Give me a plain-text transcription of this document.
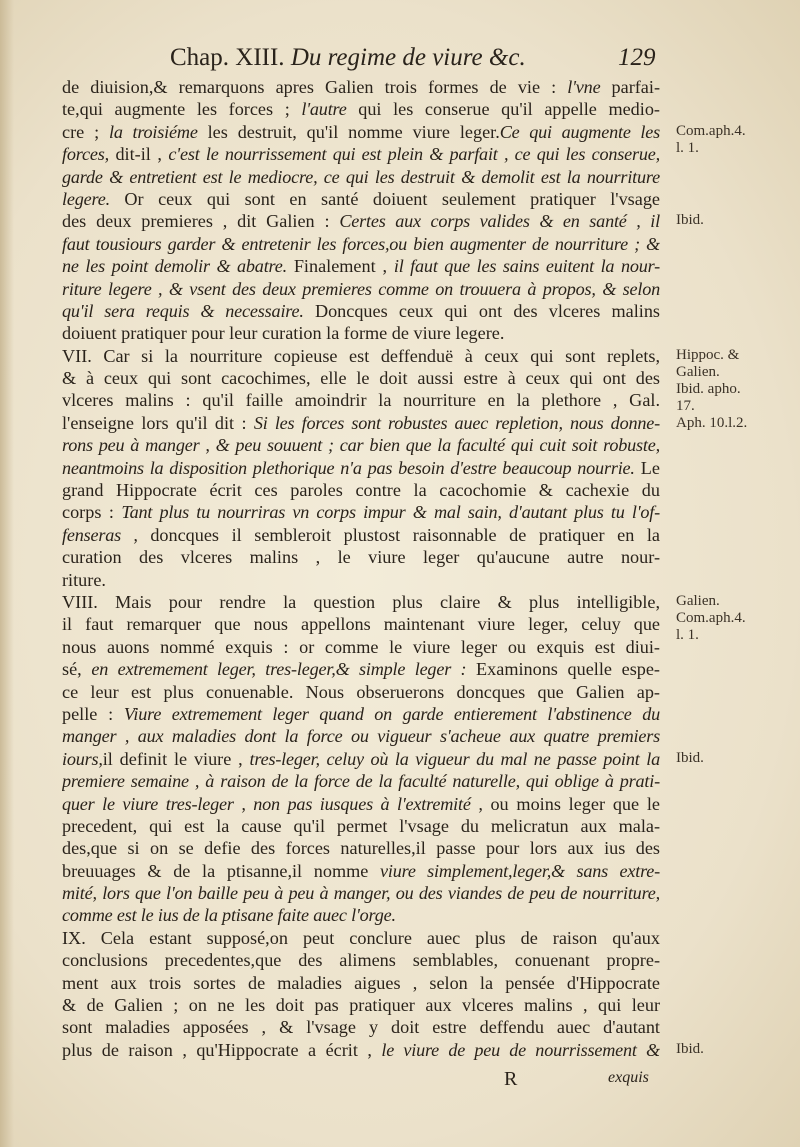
Chap. XIII. Du regime de viure &c.	129
de diuision,& remarquons apres Galien trois formes de vie : l'vne parfai-
te,qui augmente les forces ; l'autre qui les conserue qu'il appelle medio-
cre ; la troisiéme les destruit, qu'il nomme viure leger.Ce qui augmente les
forces, dit-il , c'est le nourrissement qui est plein & parfait , ce qui les conserue,
garde & entretient est le mediocre, ce qui les destruit & demolit est la nourriture
legere. Or ceux qui sont en santé doiuent seulement pratiquer l'vsage
des deux premieres , dit Galien : Certes aux corps valides & en santé , il
faut tousiours garder & entretenir les forces,ou bien augmenter de nourriture ; &
ne les point demolir & abatre. Finalement , il faut que les sains euitent la nour-
riture legere , & vsent des deux premieres comme on trouuera à propos, & selon
qu'il sera requis & necessaire. Doncques ceux qui ont des vlceres malins
doiuent pratiquer pour leur curation la forme de viure legere.
VII. Car si la nourriture copieuse est deffenduë à ceux qui sont replets,
& à ceux qui sont cacochimes, elle le doit aussi estre à ceux qui ont des
vlceres malins : qu'il faille amoindrir la nourriture en la plethore , Gal.
l'enseigne lors qu'il dit : Si les forces sont robustes auec repletion, nous donne-
rons peu à manger , & peu souuent ; car bien que la faculté qui cuit soit robuste,
neantmoins la disposition plethorique n'a pas besoin d'estre beaucoup nourrie. Le
grand Hippocrate écrit ces paroles contre la cacochomie & cachexie du
corps : Tant plus tu nourriras vn corps impur & mal sain, d'autant plus tu l'of-
fenseras , doncques il sembleroit plustost raisonnable de pratiquer en la
curation des vlceres malins , le viure leger qu'aucune autre nour-
riture.
VIII. Mais pour rendre la question plus claire & plus intelligible,
il faut remarquer que nous appellons maintenant viure leger, celuy que
nous auons nommé exquis : or comme le viure leger ou exquis est diui-
sé, en extremement leger, tres-leger,& simple leger : Examinons quelle espe-
ce leur est plus conuenable. Nous obseruerons doncques que Galien ap-
pelle : Viure extremement leger quand on garde entierement l'abstinence du
manger , aux maladies dont la force ou vigueur s'acheue aux quatre premiers
iours,il definit le viure , tres-leger, celuy où la vigueur du mal ne passe point la
premiere semaine , à raison de la force de la faculté naturelle, qui oblige à prati-
quer le viure tres-leger , non pas iusques à l'extremité , ou moins leger que le
precedent, qui est la cause qu'il permet l'vsage du melicratun aux mala-
des,que si on se defie des forces naturelles,il passe pour lors aux ius des
breuuages & de la ptisanne,il nomme viure simplement,leger,& sans extre-
mité, lors que l'on baille peu à peu à manger, ou des viandes de peu de nourriture,
comme est le ius de la ptisane faite auec l'orge.
IX. Cela estant supposé,on peut conclure auec plus de raison qu'aux
conclusions precedentes,que des alimens semblables, conuenant propre-
ment aux trois sortes de maladies aigues , selon la pensée d'Hippocrate
& de Galien ; on ne les doit pas pratiquer aux vlceres malins , qui leur
sont maladies apposées , & l'vsage y doit estre deffendu auec d'autant
plus de raison , qu'Hippocrate a écrit , le viure de peu de nourrissement &
Com.aph.4.
l. 1.
Ibid.
Hippoc. &
Galien.
Ibid. apho.
17.
Aph. 10.l.2.
Galien.
Com.aph.4.
l. 1.
Ibid.
Ibid.
R	exquis
